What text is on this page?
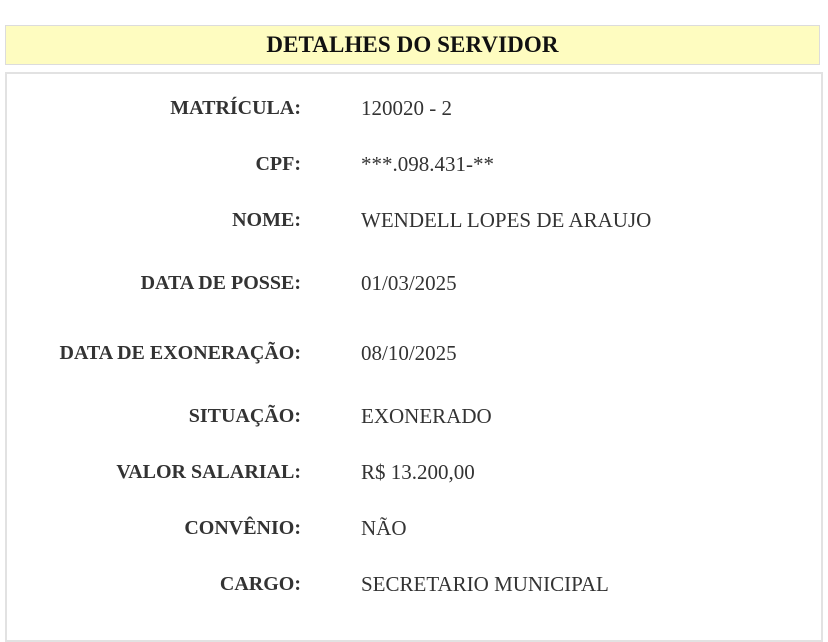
DETALHES DO SERVIDOR
MATRÍCULA:	120020 - 2
CPF:	***.098.431-**
NOME:	WENDELL LOPES DE ARAUJO
DATA DE POSSE:	01/03/2025
DATA DE EXONERAÇÃO:	08/10/2025
SITUAÇÃO:	EXONERADO
VALOR SALARIAL:	R$ 13.200,00
CONVÊNIO:	NÃO
CARGO:	SECRETARIO MUNICIPAL
